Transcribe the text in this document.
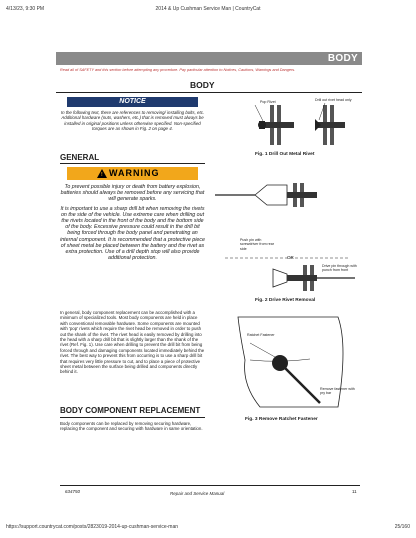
4/13/23, 9:30 PM	2014 & Up Cushman Service Man | CountryCat
BODY
Read all of SAFETY and this section before attempting any procedure. Pay particular attention to Notices, Cautions, Warnings and Dangers.
BODY
NOTICE
In the following text, there are references to removing/ installing bolts, etc. Additional hardware (nuts, washers, etc.) that is removed must always be installed in original positions unless otherwise specified. Non-specified torques are as shown in Fig. 2 on page 4.
GENERAL
! WARNING
To prevent possible injury or death from battery explosion, batteries should always be removed before any servicing that will generate sparks.
It is important to use a sharp drill bit when removing the rivets on the side of the vehicle. Use extreme care when drilling out the rivets located in the front of the body and the bottom side of the body. Excessive pressure could result in the drill bit being forced through the body panel and penetrating an internal component. It is recommended that a protective piece of sheet metal be placed between the battery and the rivet as extra protection. Use of a drill depth stop will also provide additional protection.
In general, body component replacement can be accomplished with a minimum of specialized tools. Most body components are held in place with conventional removable hardware. Some components are mounted with 'pop' rivets which require the rivet head be removed in order to push out the shank of the rivet. The rivet head is easily removed by drilling into the head with a sharp drill bit that is slightly larger than the shank of the rivet (Ref. Fig. 1). Use care when drilling to prevent the drill bit from being forced through and damaging components located immediately behind the rivet. The best way to prevent this from occurring is to use a sharp drill bit that requires very little pressure to cut, and to place a piece of protective sheet metal between the surface being drilled and components directly behind it.
BODY COMPONENT REPLACEMENT
Body components can be replaced by removing securing hardware, replacing the component and securing with hardware in same orientation.
Pop Rivet	Drill out rivet head only
Fig. 1 Drill Out Metal Rivet
Push pin with screwdriver from rear side
OR
Drive pin through with punch from front
Fig. 2 Drive Rivet Removal
Ratchet Fastener
Remove fastener with pry bar
Fig. 3 Remove Ratchet Fastener
634750	Repair and Service Manual	11
https://support.countrycat.com/posts/2823019-2014-up-cushman-service-man	25/160
